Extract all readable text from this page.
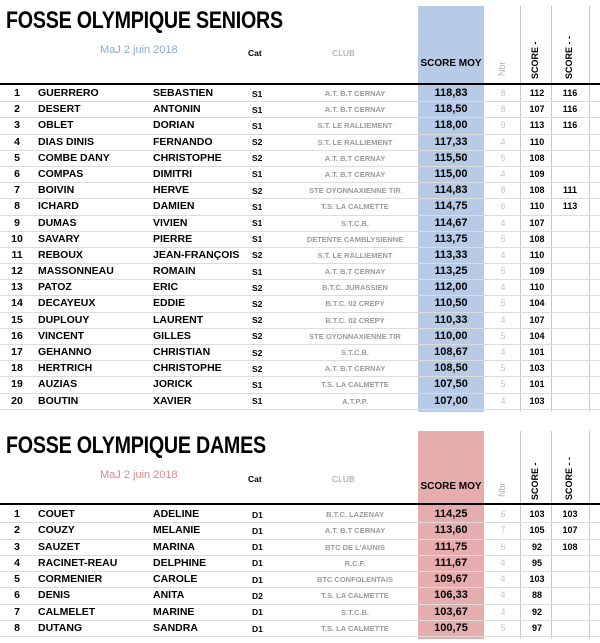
FOSSE OLYMPIQUE SENIORS
MaJ 2 juin 2018	Cat	CLUB
SCORE MOY Nbr	SCORE -	SCORE - -
1	GUERRERO	SEBASTIEN	S1	A.T. B.T CERNAY	118,83	8	112	116
2	DESERT	ANTONIN	S1	A.T. B.T CERNAY	118,50	8	107	116
3	OBLET	DORIAN	S1	S.T. LE RALLIEMENT	118,00	9	113	116
4	DIAS DINIS	FERNANDO	S2	S.T. LE RALLIEMENT	117,33	4	110
5	COMBE DANY	CHRISTOPHE	S2	A.T. B.T CERNAY	115,50	5	108
6	COMPAS	DIMITRI	S1	A.T. B.T CERNAY	115,00	4	109
7	BOIVIN	HERVE	S2	STE OYONNAXIENNE TIR	114,83	8	108	111
8	ICHARD	DAMIEN	S1	T.S. LA CALMETTE	114,75	6	110	113
9	DUMAS	VIVIEN	S1	S.T.C.B.	114,67	4	107
10	SAVARY	PIERRE	S1	DETENTE CAMBLYSIENNE	113,75	5	108
11	REBOUX	JEAN-FRANÇOIS S2	S.T. LE RALLIEMENT	113,33	4	110
12	MASSONNEAU	ROMAIN	S1	A.T. B.T CERNAY	113,25	5	109
13	PATOZ	ERIC	S2	B.T.C. JURASSIEN	112,00	4	110
14	DECAYEUX	EDDIE	S2	B.T.C. 02 CREPY	110,50	5	104
15	DUPLOUY	LAURENT	S2	B.T.C. 02 CREPY	110,33	4	107
16	VINCENT	GILLES	S2	STE OYONNAXIENNE TIR	110,00	5	104
17	GEHANNO	CHRISTIAN	S2	S.T.C.B.	108,67	4	101
18	HERTRICH	CHRISTOPHE	S2	A.T. B.T CERNAY	108,50	5	103
19	AUZIAS	JORICK	S1	T.S. LA CALMETTE	107,50	5	101
20	BOUTIN	XAVIER	S1	A.T.P.P.	107,00	4	103
FOSSE OLYMPIQUE DAMES
MaJ 2 juin 2018	Cat	CLUB
SCORE MOY Nbr	SCORE -	SCORE - -
1	COUET	ADELINE	D1	B.T.C. LAZENAY	114,25	6	103	103
2	COUZY	MELANIE	D1	A.T. B.T CERNAY	113,60	7	105	107
3	SAUZET	MARINA	D1	BTC DE L'AUNIS	111,75	6	92	108
4	RACINET-REAU	DELPHINE	D1	R.C.F.	111,67	4	95
5	CORMENIER	CAROLE	D1	BTC CONFOLENTAIS	109,67	4	103
6	DENIS	ANITA	D2	T.S. LA CALMETTE	106,33	4	88
7	CALMELET	MARINE	D1	S.T.C.B.	103,67	4	92
8	DUTANG	SANDRA	D1	T.S. LA CALMETTE	100,75	5	97
